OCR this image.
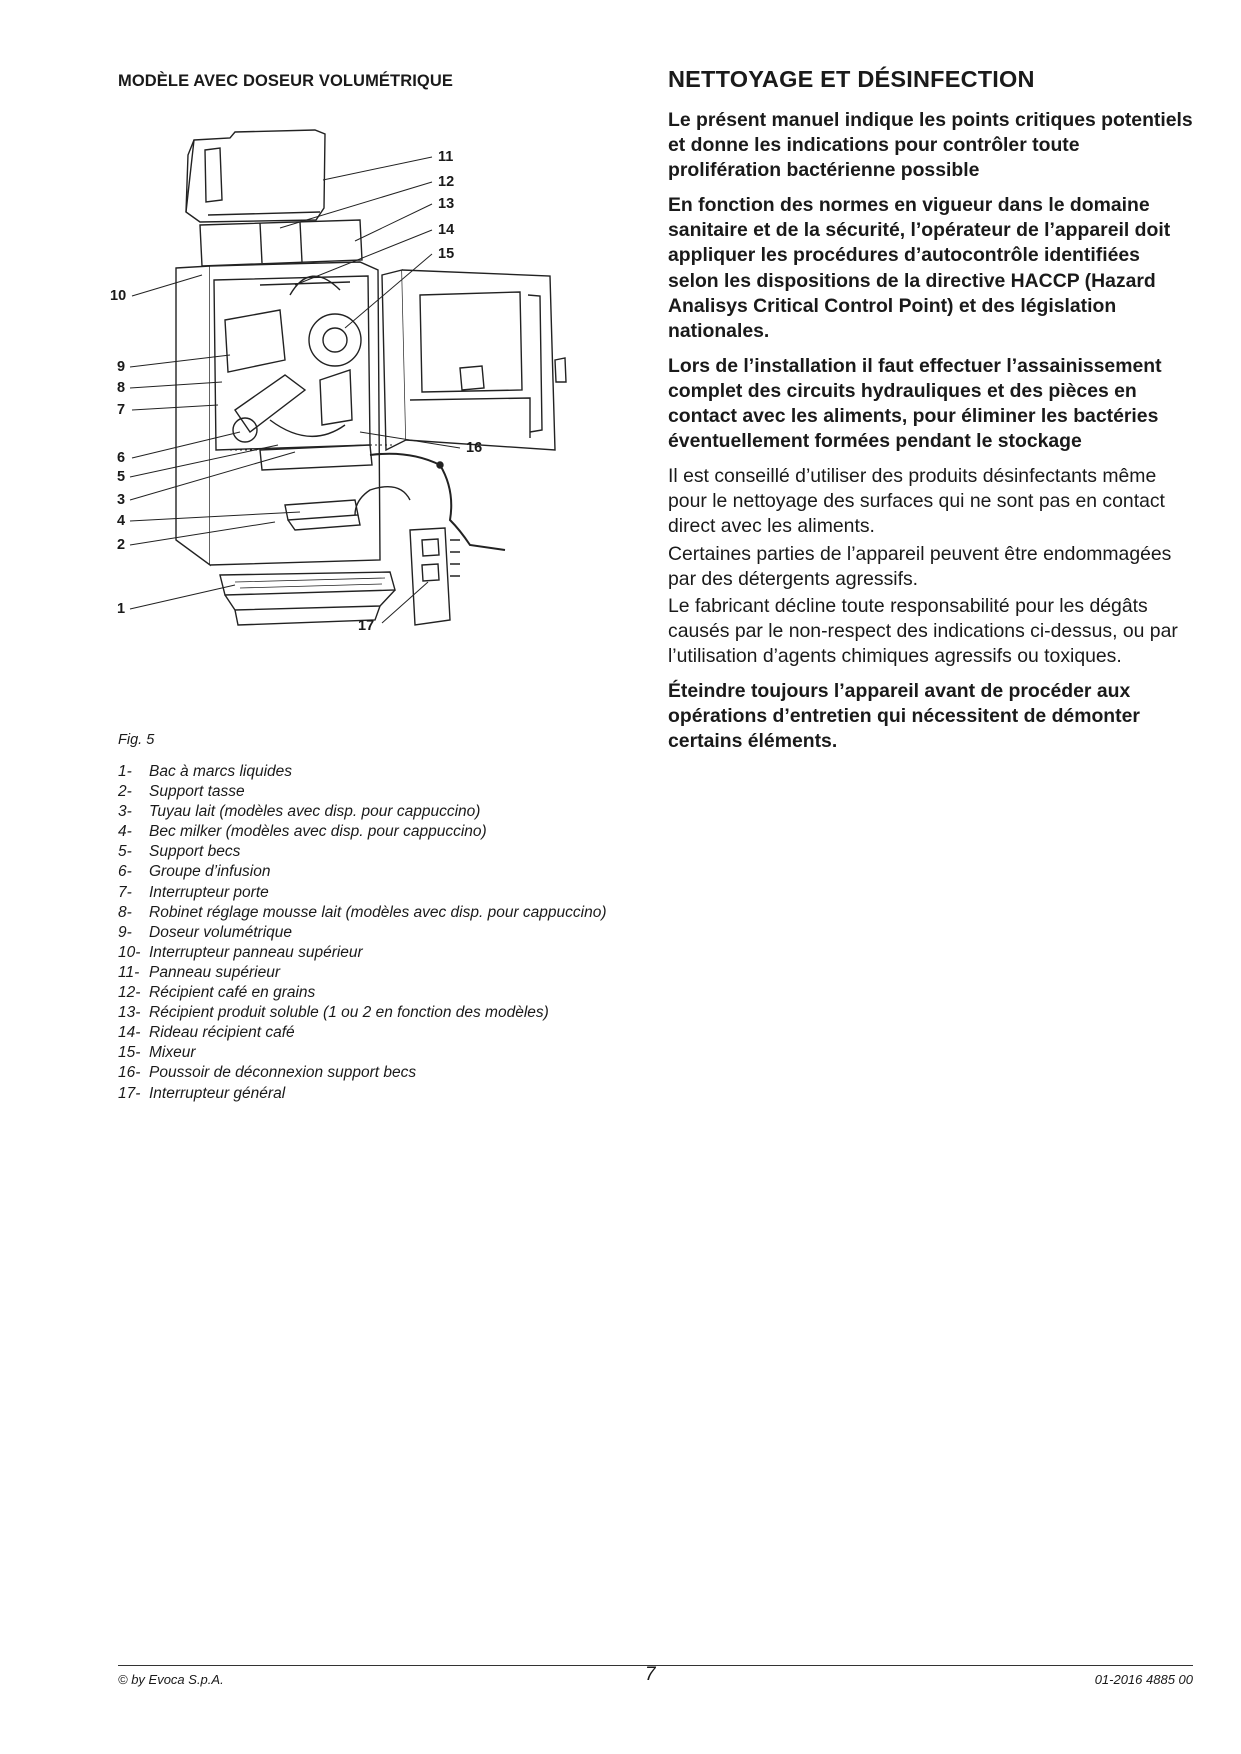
MODÈLE AVEC DOSEUR VOLUMÉTRIQUE
11
12
13
14
15
10
9
8
7
6
5
3
4
2
1
16
17
Fig. 5
1-	Bac à marcs liquides
2-	Support tasse
3-	Tuyau lait (modèles avec disp. pour cappuccino)
4-	Bec milker (modèles avec disp. pour cappuccino)
5-	Support becs
6-	Groupe d’infusion
7-	Interrupteur porte
8-	Robinet réglage mousse lait (modèles avec disp. pour cappuccino)
9-	Doseur volumétrique
10- Interrupteur panneau supérieur
11- Panneau supérieur
12- Récipient café en grains
13- Récipient produit soluble (1 ou 2 en fonction des modèles)
14- Rideau récipient café
15- Mixeur
16- Poussoir de déconnexion support becs
17- Interrupteur général
NETTOYAGE ET DÉSINFECTION

Le présent manuel indique les points critiques potentiels et donne les indications pour contrôler toute prolifération bactérienne possible

En fonction des normes en vigueur dans le domaine sanitaire et de la sécurité, l’opérateur de l’appareil doit appliquer les procédures d’autocontrôle identifiées selon les dispositions de la directive HACCP (Hazard Analisys Critical Control Point) et des législation nationales.

Lors de l’installation il faut effectuer l’assainissement complet des circuits hydrauliques et des pièces en contact avec les aliments, pour éliminer les bactéries éventuellement formées pendant le stockage

Il est conseillé d’utiliser des produits désinfectants même pour le nettoyage des surfaces qui ne sont pas en contact direct avec les aliments.

Certaines parties de l’appareil peuvent être endommagées par des détergents agressifs.

Le fabricant décline toute responsabilité pour les dégâts causés par le non-respect des indications ci-dessus, ou par l’utilisation d’agents chimiques agressifs ou toxiques.

Éteindre toujours l’appareil avant de procéder aux opérations d’entretien qui nécessitent de démonter certains éléments.

© by Evoca S.p.A.	7	01-2016 4885 00
